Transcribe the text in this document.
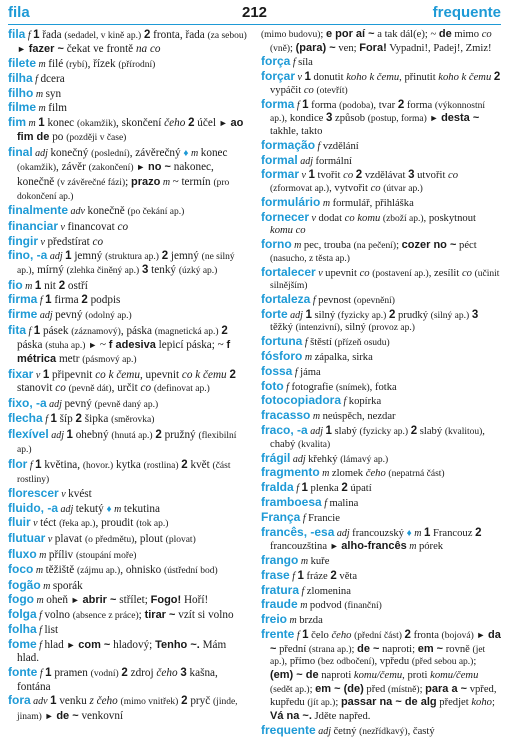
fila	212	frequente

fila f 1 řada (sedadel, v kině ap.) 2 fronta, řada (za sebou) ► fazer ~ čekat ve frontě na co

filete m filé (rybí), řízek (přírodní)

filha f dcera

filho m syn

filme m film

fim m 1 konec (okamžik), skončení čeho 2 účel ► ao fim de po (později v čase)

final adj konečný (poslední), závěrečný ♦ m konec (okamžik), závěr (zakončení) ► no ~ nakonec, konečně (v závěrečné fázi); prazo m ~ termín (pro dokončení ap.)

finalmente adv konečně (po čekání ap.)

financiar v financovat co

fingir v předstírat co

fino, -a adj 1 jemný (struktura ap.) 2 jemný (ne silný ap.), mírný (zlehka činěný ap.) 3 tenký (úzký ap.)

fio m 1 nit 2 ostří

firma f 1 firma 2 podpis

firme adj pevný (odolný ap.)

fita f 1 pásek (záznamový), páska (magnetická ap.) 2 páska (stuha ap.) ► ~ f adesiva lepicí páska; ~ f métrica metr (pásmový ap.)

fixar v 1 připevnit co k čemu, upevnit co k čemu 2 stanovit co (pevně dát), určit co (definovat ap.)

fixo, -a adj pevný (pevně daný ap.)

flecha f 1 šíp 2 šipka (směrovka)

flexível adj 1 ohebný (hnutá ap.) 2 pružný (flexibilní ap.)

flor f 1 květina, (hovor.) kytka (rostlina) 2 květ (část rostliny)

florescer v kvést

fluido, -a adj tekutý ♦ m tekutina

fluir v téct (řeka ap.), proudit (tok ap.)

flutuar v plavat (o předmětu), plout (plovat)

fluxo m příliv (stoupání moře)

foco m těžiště (zájmu ap.), ohnisko (ústřední bod)

fogão m sporák

fogo m oheň ► abrir ~ střílet; Fogo! Hoří!

folga f volno (absence z práce); tirar ~ vzít si volno

folha f list

fome f hlad ► com ~ hladový; Tenho ~. Mám hlad.

fonte f 1 pramen (vodní) 2 zdroj čeho 3 kašna, fontána

fora adv 1 venku z čeho (mimo vnitřek) 2 pryč (jinde, jinam) ► de ~ venkovní

(mimo budovu); e por aí ~ a tak dál(e); ~ de mimo co (vně); (para) ~ ven; Fora! Vypadni!, Padej!, Zmiz!

força f síla

forçar v 1 donutit koho k čemu, přinutit koho k čemu 2 vypáčit co (otevřít)

forma f 1 forma (podoba), tvar 2 forma (výkonnostní ap.), kondice 3 způsob (postup, forma) ► desta ~ takhle, takto

formação f vzdělání

formal adj formální

formar v 1 tvořit co 2 vzdělávat 3 utvořit co (zformovat ap.), vytvořit co (útvar ap.)

formulário m formulář, přihláška

fornecer v dodat co komu (zboží ap.), poskytnout komu co

forno m pec, trouba (na pečení); cozer no ~ péct (nasucho, z těsta ap.)

fortalecer v upevnit co (postavení ap.), zesílit co (učinit silnějším)

fortaleza f pevnost (opevnění)

forte adj 1 silný (fyzicky ap.) 2 prudký (silný ap.) 3 těžký (intenzivní), silný (provoz ap.)

fortuna f štěstí (přízeň osudu)

fósforo m zápalka, sirka

fossa f jáma

foto f fotografie (snímek), fotka

fotocopiadora f kopírka

fracasso m neúspěch, nezdar

fraco, -a adj 1 slabý (fyzicky ap.) 2 slabý (kvalitou), chabý (kvalita)

frágil adj křehký (lámavý ap.)

fragmento m zlomek čeho (nepatrná část)

fralda f 1 plenka 2 úpatí

framboesa f malina

França f Francie

francês, -esa adj francouzský ♦ m 1 Francouz 2 francouzština ► alho-francês m pórek

frango m kuře

frase f 1 fráze 2 věta

fratura f zlomenina

fraude m podvod (finanční)

freio m brzda

frente f 1 čelo čeho (přední část) 2 fronta (bojová) ► da ~ přední (strana ap.); de ~ naproti; em ~ rovně (jet ap.), přímo (bez odbočení), vpředu (před sebou ap.); (em) ~ de naproti komu/čemu, proti komu/čemu (sedět ap.); em ~ (de) před (místně); para a ~ vpřed, kupředu (jít ap.); passar na ~ de alg předjet koho; Vá na ~. Jděte napřed.

frequente adj četný (nezřídkavý), častý
